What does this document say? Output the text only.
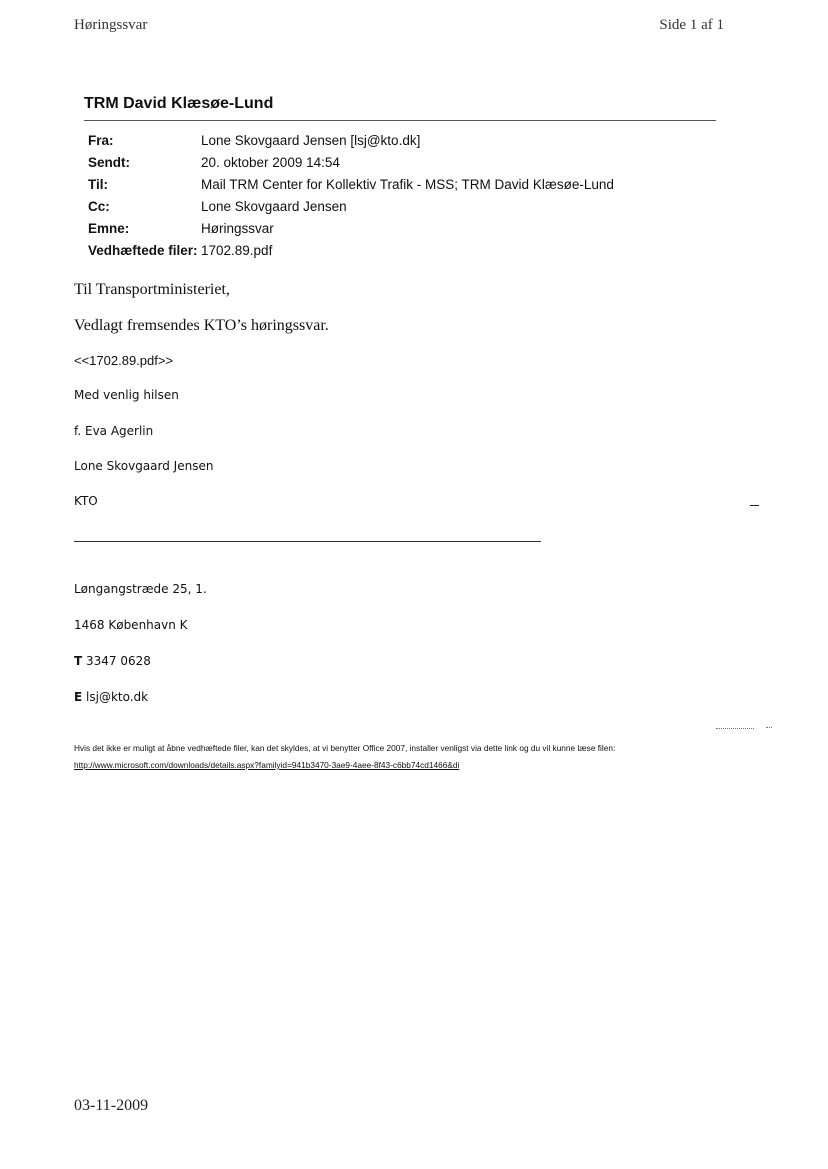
Høringssvar	Side 1 af 1
TRM David Klæsøe-Lund
Fra:	Lone Skovgaard Jensen [lsj@kto.dk]
Sendt:	20. oktober 2009 14:54
Til:	Mail TRM Center for Kollektiv Trafik - MSS; TRM David Klæsøe-Lund
Cc:	Lone Skovgaard Jensen
Emne:	Høringssvar
Vedhæftede filer: 1702.89.pdf
Til Transportministeriet,
Vedlagt fremsendes KTO’s høringssvar.
<<1702.89.pdf>>
Med venlig hilsen
f. Eva Agerlin
Lone Skovgaard Jensen
KTO
Løngangstræde 25, 1.
1468 København K
T 3347 0628
E lsj@kto.dk
Hvis det ikke er muligt at åbne vedhæftede filer, kan det skyldes, at vi benytter Office 2007, installer venligst via dette link og du vil kunne læse filen: http://www.microsoft.com/downloads/details.aspx?familyid=941b3470-3ae9-4aee-8f43-c6bb74cd1466&di
03-11-2009
